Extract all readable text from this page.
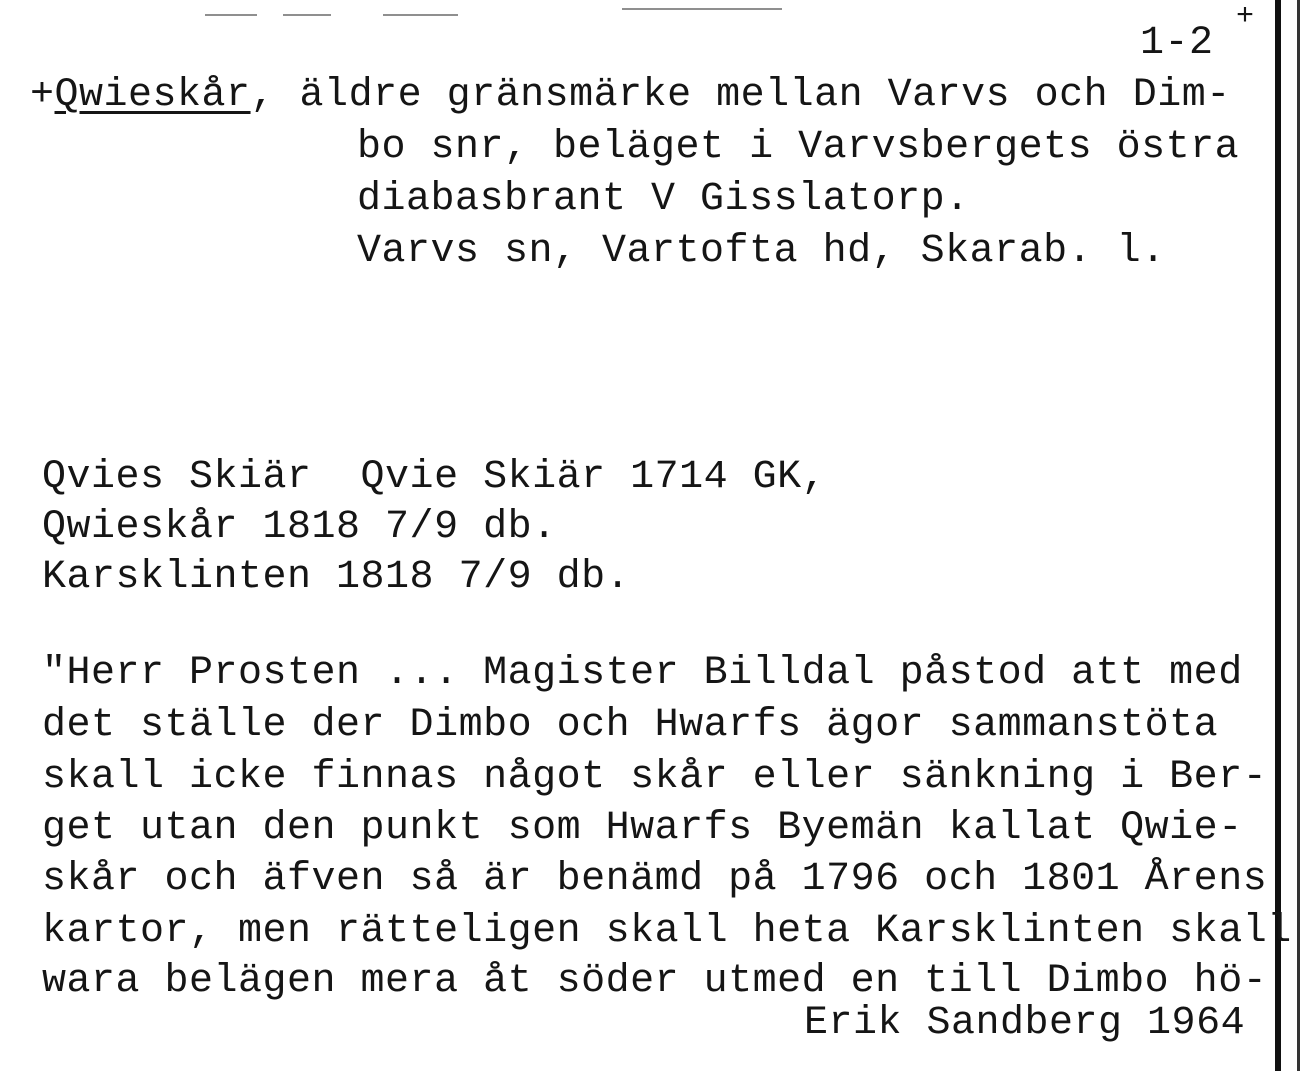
1-2
+
+Qwieskår, äldre gränsmärke mellan Varvs och Dim-
bo snr, beläget i Varvsbergets östra
diabasbrant V Gisslatorp.
Varvs sn, Vartofta hd, Skarab. l.
Qvies Skiär  Qvie Skiär 1714 GK,
Qwieskår 1818 7/9 db.
Karsklinten 1818 7/9 db.
"Herr Prosten ... Magister Billdal påstod att med
det ställe der Dimbo och Hwarfs ägor sammanstöta
skall icke finnas något skår eller sänkning i Ber-
get utan den punkt som Hwarfs Byemän kallat Qwie-
skår och äfven så är benämd på 1796 och 1801 Årens
kartor, men rätteligen skall heta Karsklinten skall
wara belägen mera åt söder utmed en till Dimbo hö-
Erik Sandberg 1964
